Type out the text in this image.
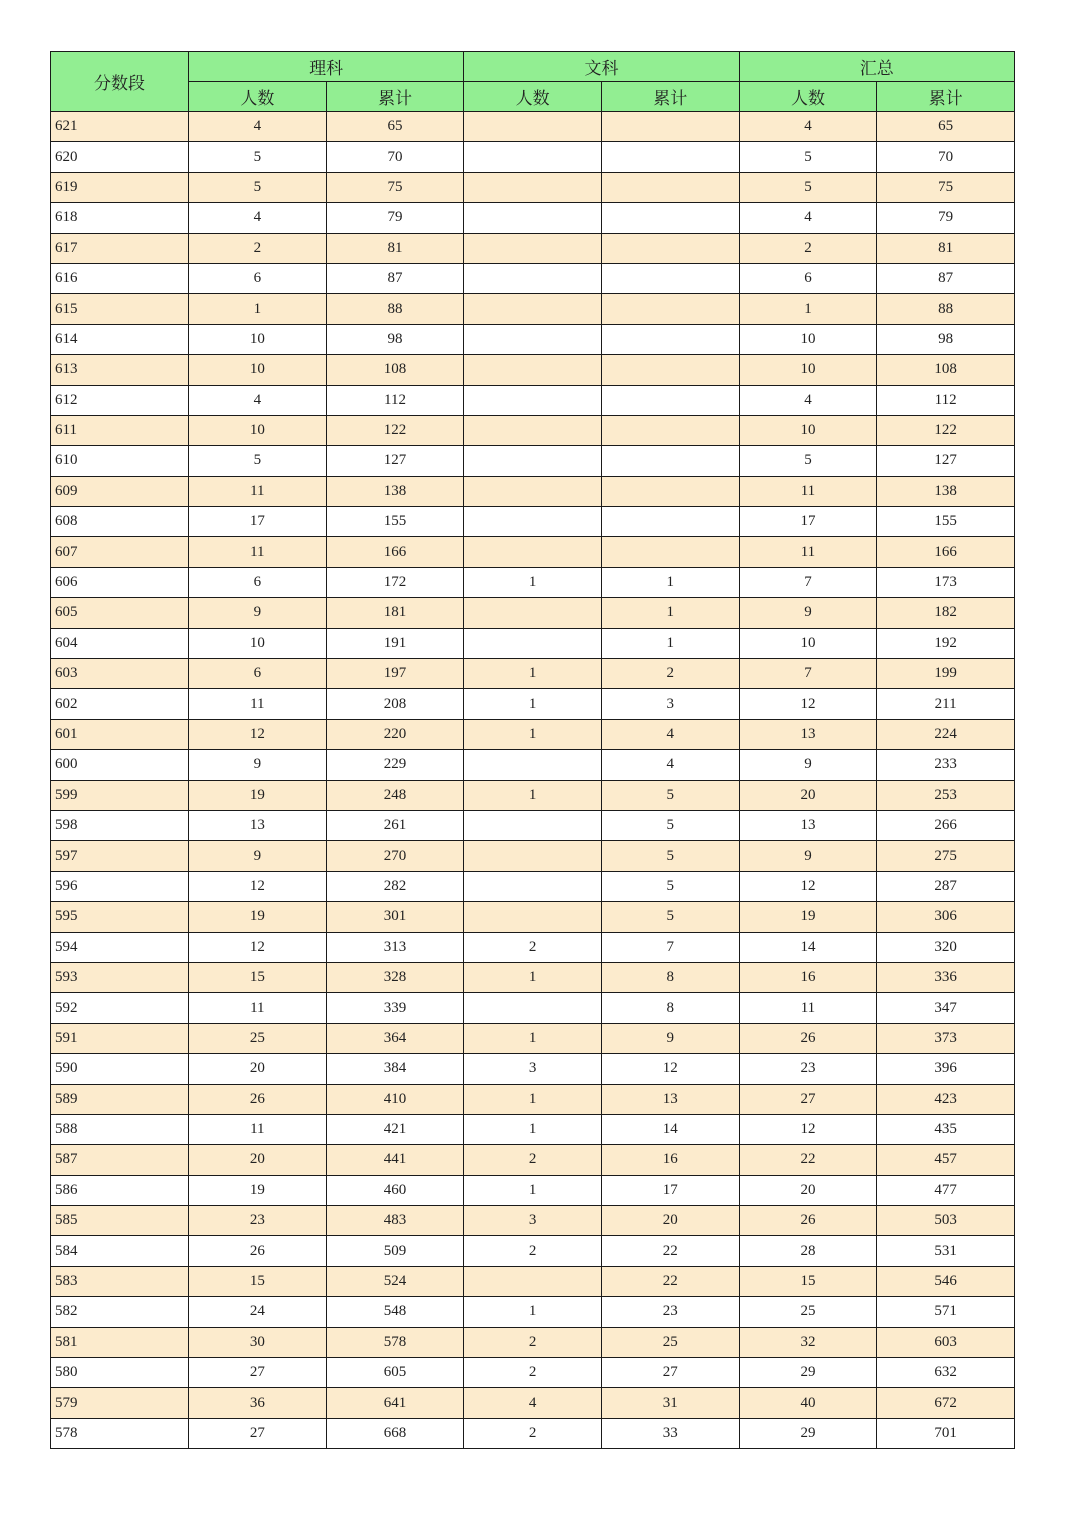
分数段	理科		文科		汇总	
	人数	累计	人数	累计	人数	累计
621	4	65			4	65
620	5	70			5	70
619	5	75			5	75
618	4	79			4	79
617	2	81			2	81
616	6	87			6	87
615	1	88			1	88
614	10	98			10	98
613	10	108			10	108
612	4	112			4	112
611	10	122			10	122
610	5	127			5	127
609	11	138			11	138
608	17	155			17	155
607	11	166			11	166
606	6	172	1	1	7	173
605	9	181		1	9	182
604	10	191		1	10	192
603	6	197	1	2	7	199
602	11	208	1	3	12	211
601	12	220	1	4	13	224
600	9	229		4	9	233
599	19	248	1	5	20	253
598	13	261		5	13	266
597	9	270		5	9	275
596	12	282		5	12	287
595	19	301		5	19	306
594	12	313	2	7	14	320
593	15	328	1	8	16	336
592	11	339		8	11	347
591	25	364	1	9	26	373
590	20	384	3	12	23	396
589	26	410	1	13	27	423
588	11	421	1	14	12	435
587	20	441	2	16	22	457
586	19	460	1	17	20	477
585	23	483	3	20	26	503
584	26	509	2	22	28	531
583	15	524		22	15	546
582	24	548	1	23	25	571
581	30	578	2	25	32	603
580	27	605	2	27	29	632
579	36	641	4	31	40	672
578	27	668	2	33	29	701
